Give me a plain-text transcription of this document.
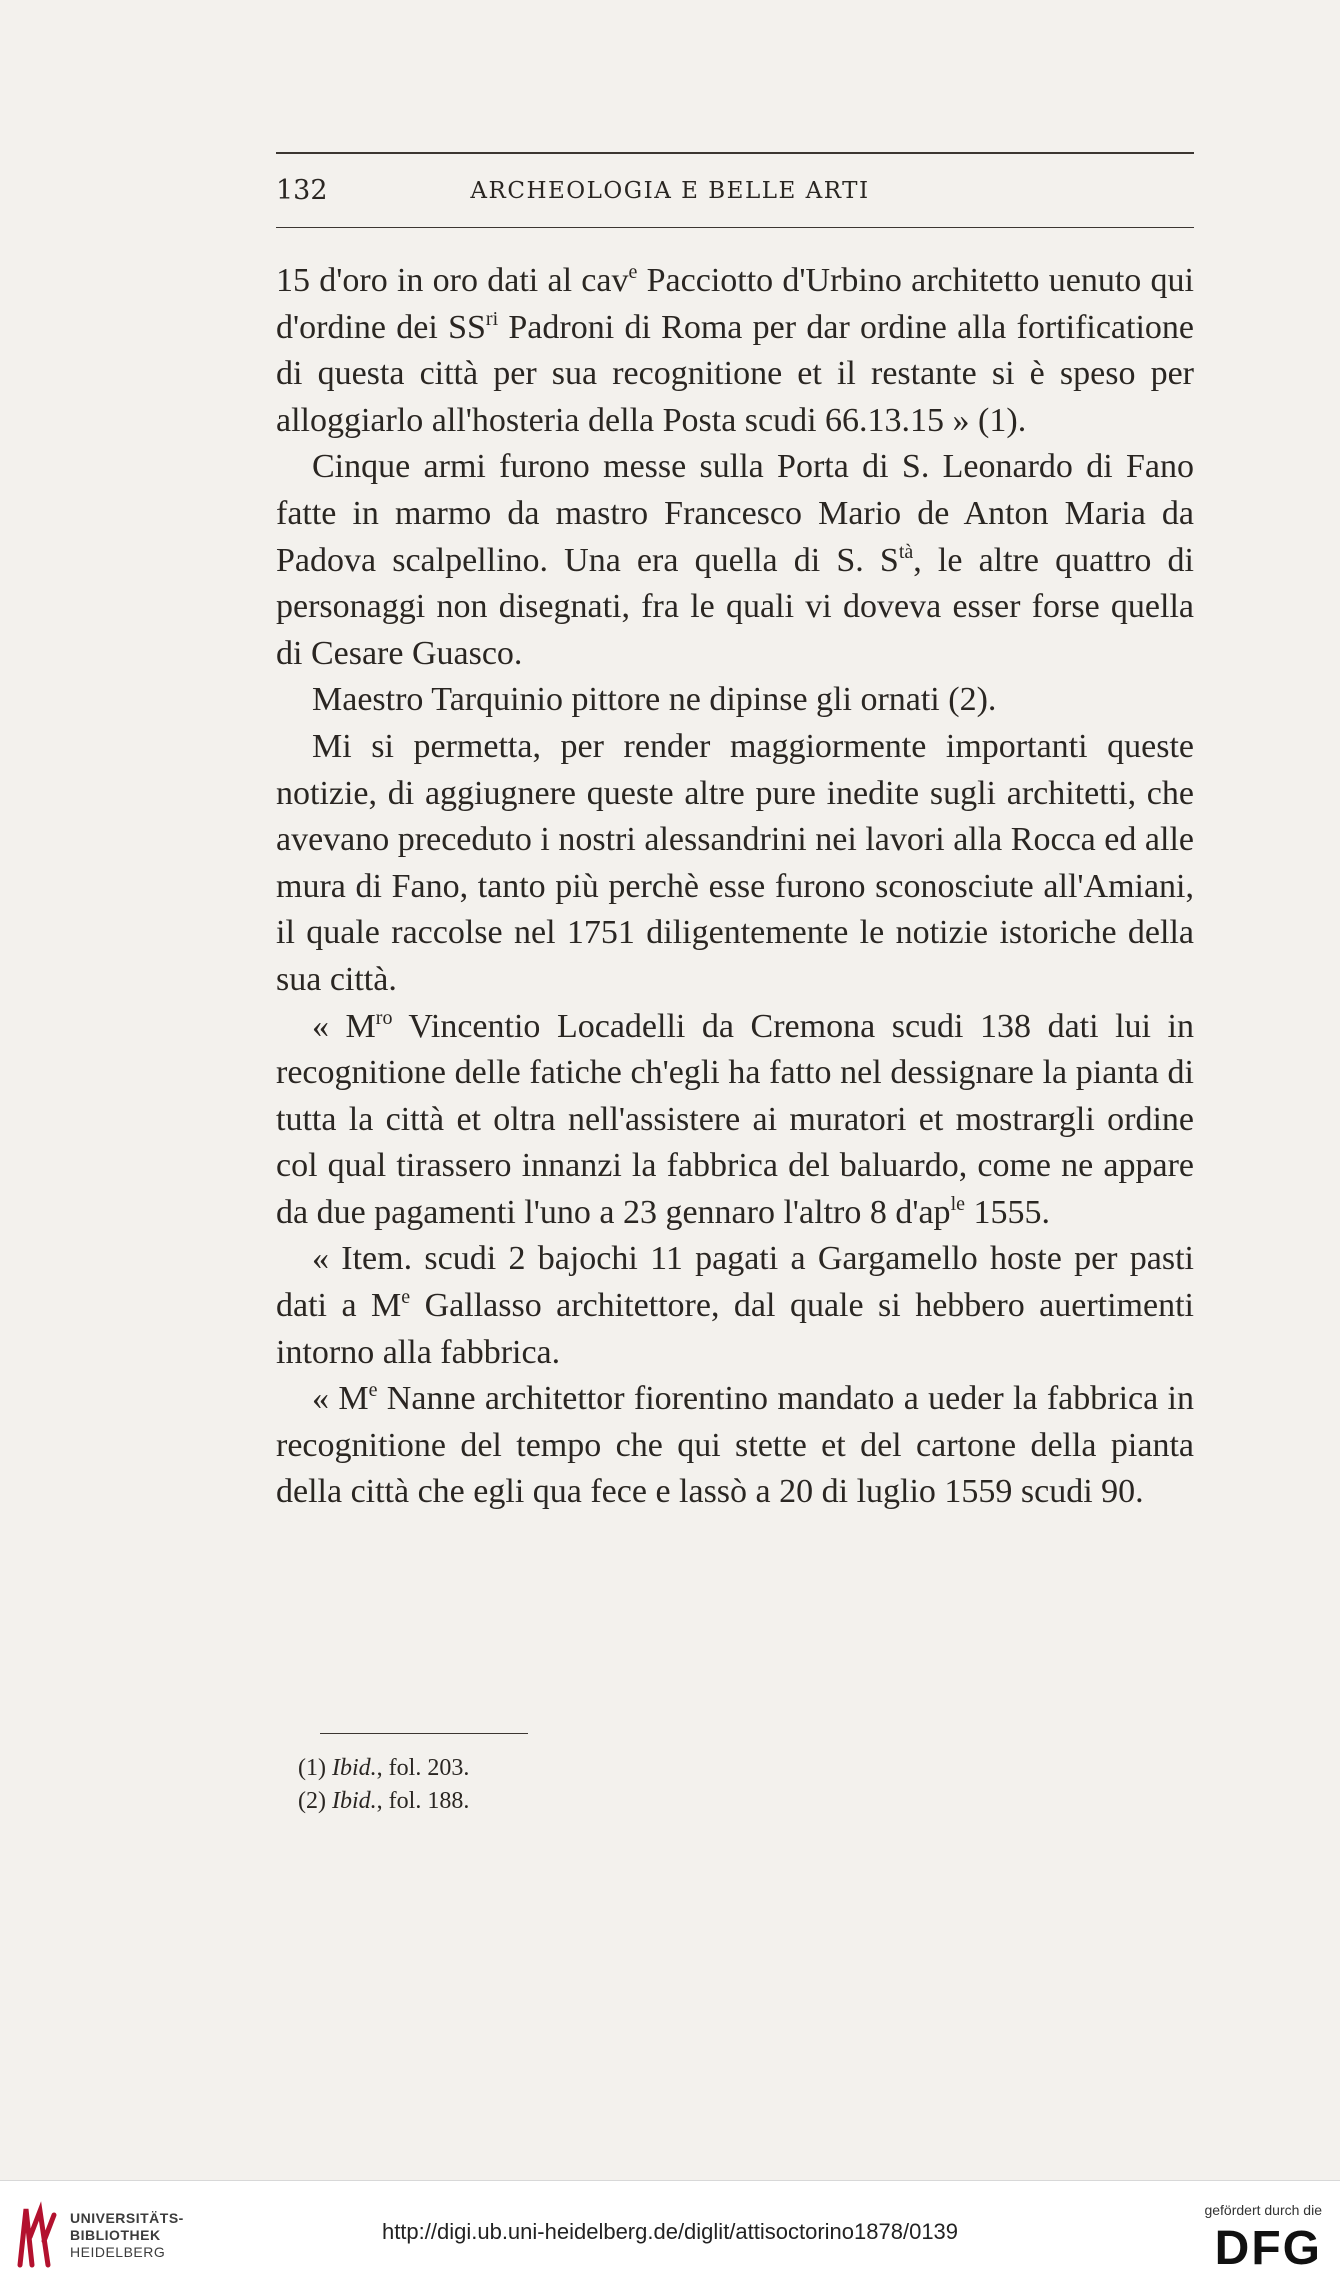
132	ARCHEOLOGIA E BELLE ARTI

15 d'oro in oro dati al cav$^e$ Pacciotto d'Urbino architetto uenuto qui d'ordine dei $SS^{ri}$ Padroni di Roma per dar ordine alla fortificatione di questa città per sua recognitione et il restante si è speso per alloggiarlo all'hosteria della Posta scudi 66.13.15 » (1).

Cinque armi furono messe sulla Porta di S. Leonardo di Fano fatte in marmo da mastro Francesco Mario de Anton Maria da Padova scalpellino. Una era quella di S. $S^{tà}$, le altre quattro di personaggi non disegnati, fra le quali vi doveva esser forse quella di Cesare Guasco.

Maestro Tarquinio pittore ne dipinse gli ornati (2).

Mi si permetta, per render maggiormente importanti queste notizie, di aggiugnere queste altre pure inedite sugli architetti, che avevano preceduto i nostri alessandrini nei lavori alla Rocca ed alle mura di Fano, tanto più perchè esse furono sconosciute all'Amiani, il quale raccolse nel 1751 diligentemente le notizie istoriche della sua città.

« $M^{ro}$ Vincentio Locadelli da Cremona scudi 138 dati lui in recognitione delle fatiche ch'egli ha fatto nel dessignare la pianta di tutta la città et oltra nell'assistere ai muratori et mostrargli ordine col qual tirassero innanzi la fabbrica del baluardo, come ne appare da due pagamenti l'uno a 23 gennaro l'altro 8 $d'ap^{le}$ 1555.

« Item. scudi 2 bajochi 11 pagati a Gargamello hoste per pasti dati a Me Gallasso architettore, dal quale si hebbero auertimenti intorno alla fabbrica.

« Me Nanne architettor fiorentino mandato a ueder la fabbrica in recognitione del tempo che qui stette et del cartone della pianta della città che egli qua fece e lassò a 20 di luglio 1559 scudi 90.

(1) Ibid., fol. 203.
(2) Ibid., fol. 188.
UNIVERSITÄTS-
BIBLIOTHEK
HEIDELBERG
http://digi.ub.uni-heidelberg.de/diglit/attisoctorino1878/0139
gefördert durch die
DFG
